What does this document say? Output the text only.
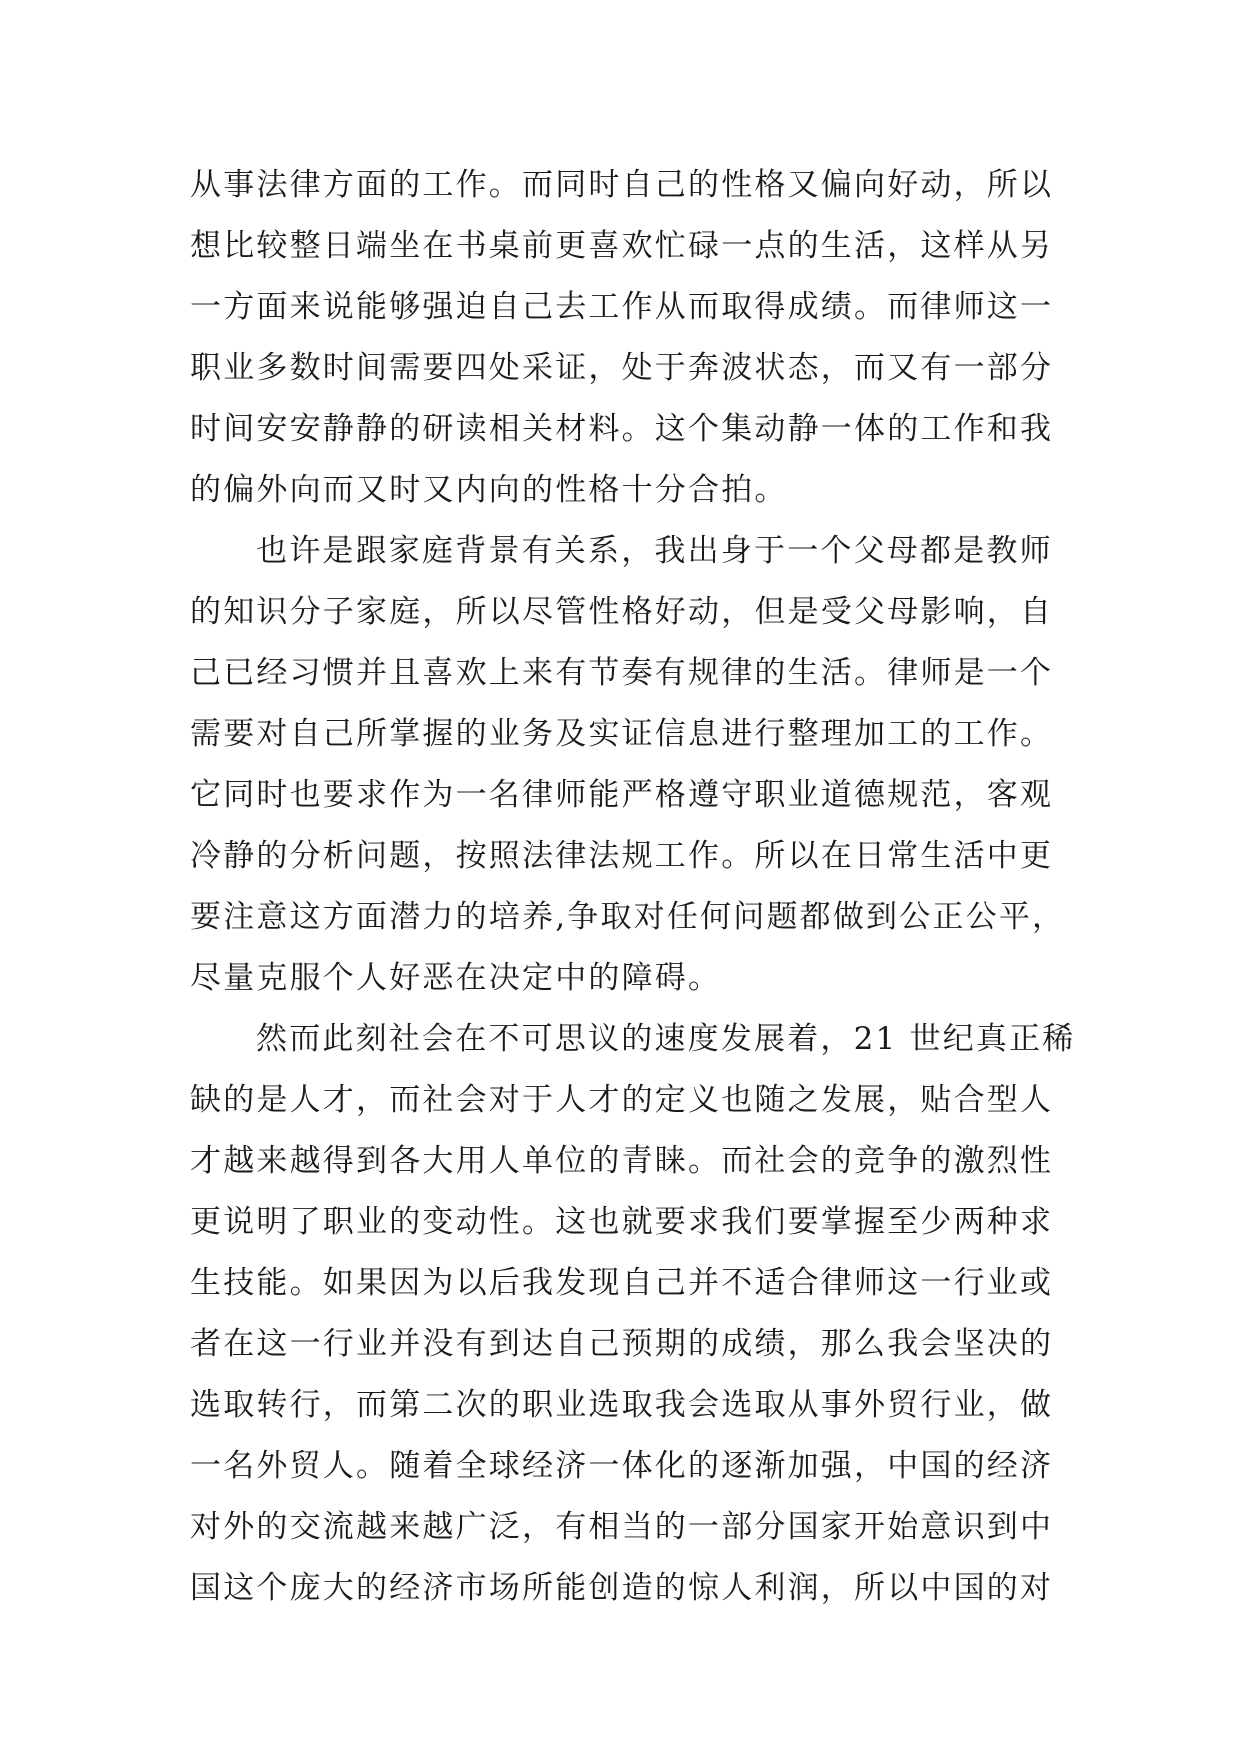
从事法律方面的工作。而同时自己的性格又偏向好动，所以
想比较整日端坐在书桌前更喜欢忙碌一点的生活，这样从另
一方面来说能够强迫自己去工作从而取得成绩。而律师这一
职业多数时间需要四处采证，处于奔波状态，而又有一部分
时间安安静静的研读相关材料。这个集动静一体的工作和我
的偏外向而又时又内向的性格十分合拍。
也许是跟家庭背景有关系，我出身于一个父母都是教师
的知识分子家庭，所以尽管性格好动，但是受父母影响，自
己已经习惯并且喜欢上来有节奏有规律的生活。律师是一个
需要对自己所掌握的业务及实证信息进行整理加工的工作。
它同时也要求作为一名律师能严格遵守职业道德规范，客观
冷静的分析问题，按照法律法规工作。所以在日常生活中更
要注意这方面潜力的培养,争取对任何问题都做到公正公平，
尽量克服个人好恶在决定中的障碍。
然而此刻社会在不可思议的速度发展着，21 世纪真正稀
缺的是人才，而社会对于人才的定义也随之发展，贴合型人
才越来越得到各大用人单位的青睐。而社会的竞争的激烈性
更说明了职业的变动性。这也就要求我们要掌握至少两种求
生技能。如果因为以后我发现自己并不适合律师这一行业或
者在这一行业并没有到达自己预期的成绩，那么我会坚决的
选取转行，而第二次的职业选取我会选取从事外贸行业，做
一名外贸人。随着全球经济一体化的逐渐加强，中国的经济
对外的交流越来越广泛，有相当的一部分国家开始意识到中
国这个庞大的经济市场所能创造的惊人利润，所以中国的对
